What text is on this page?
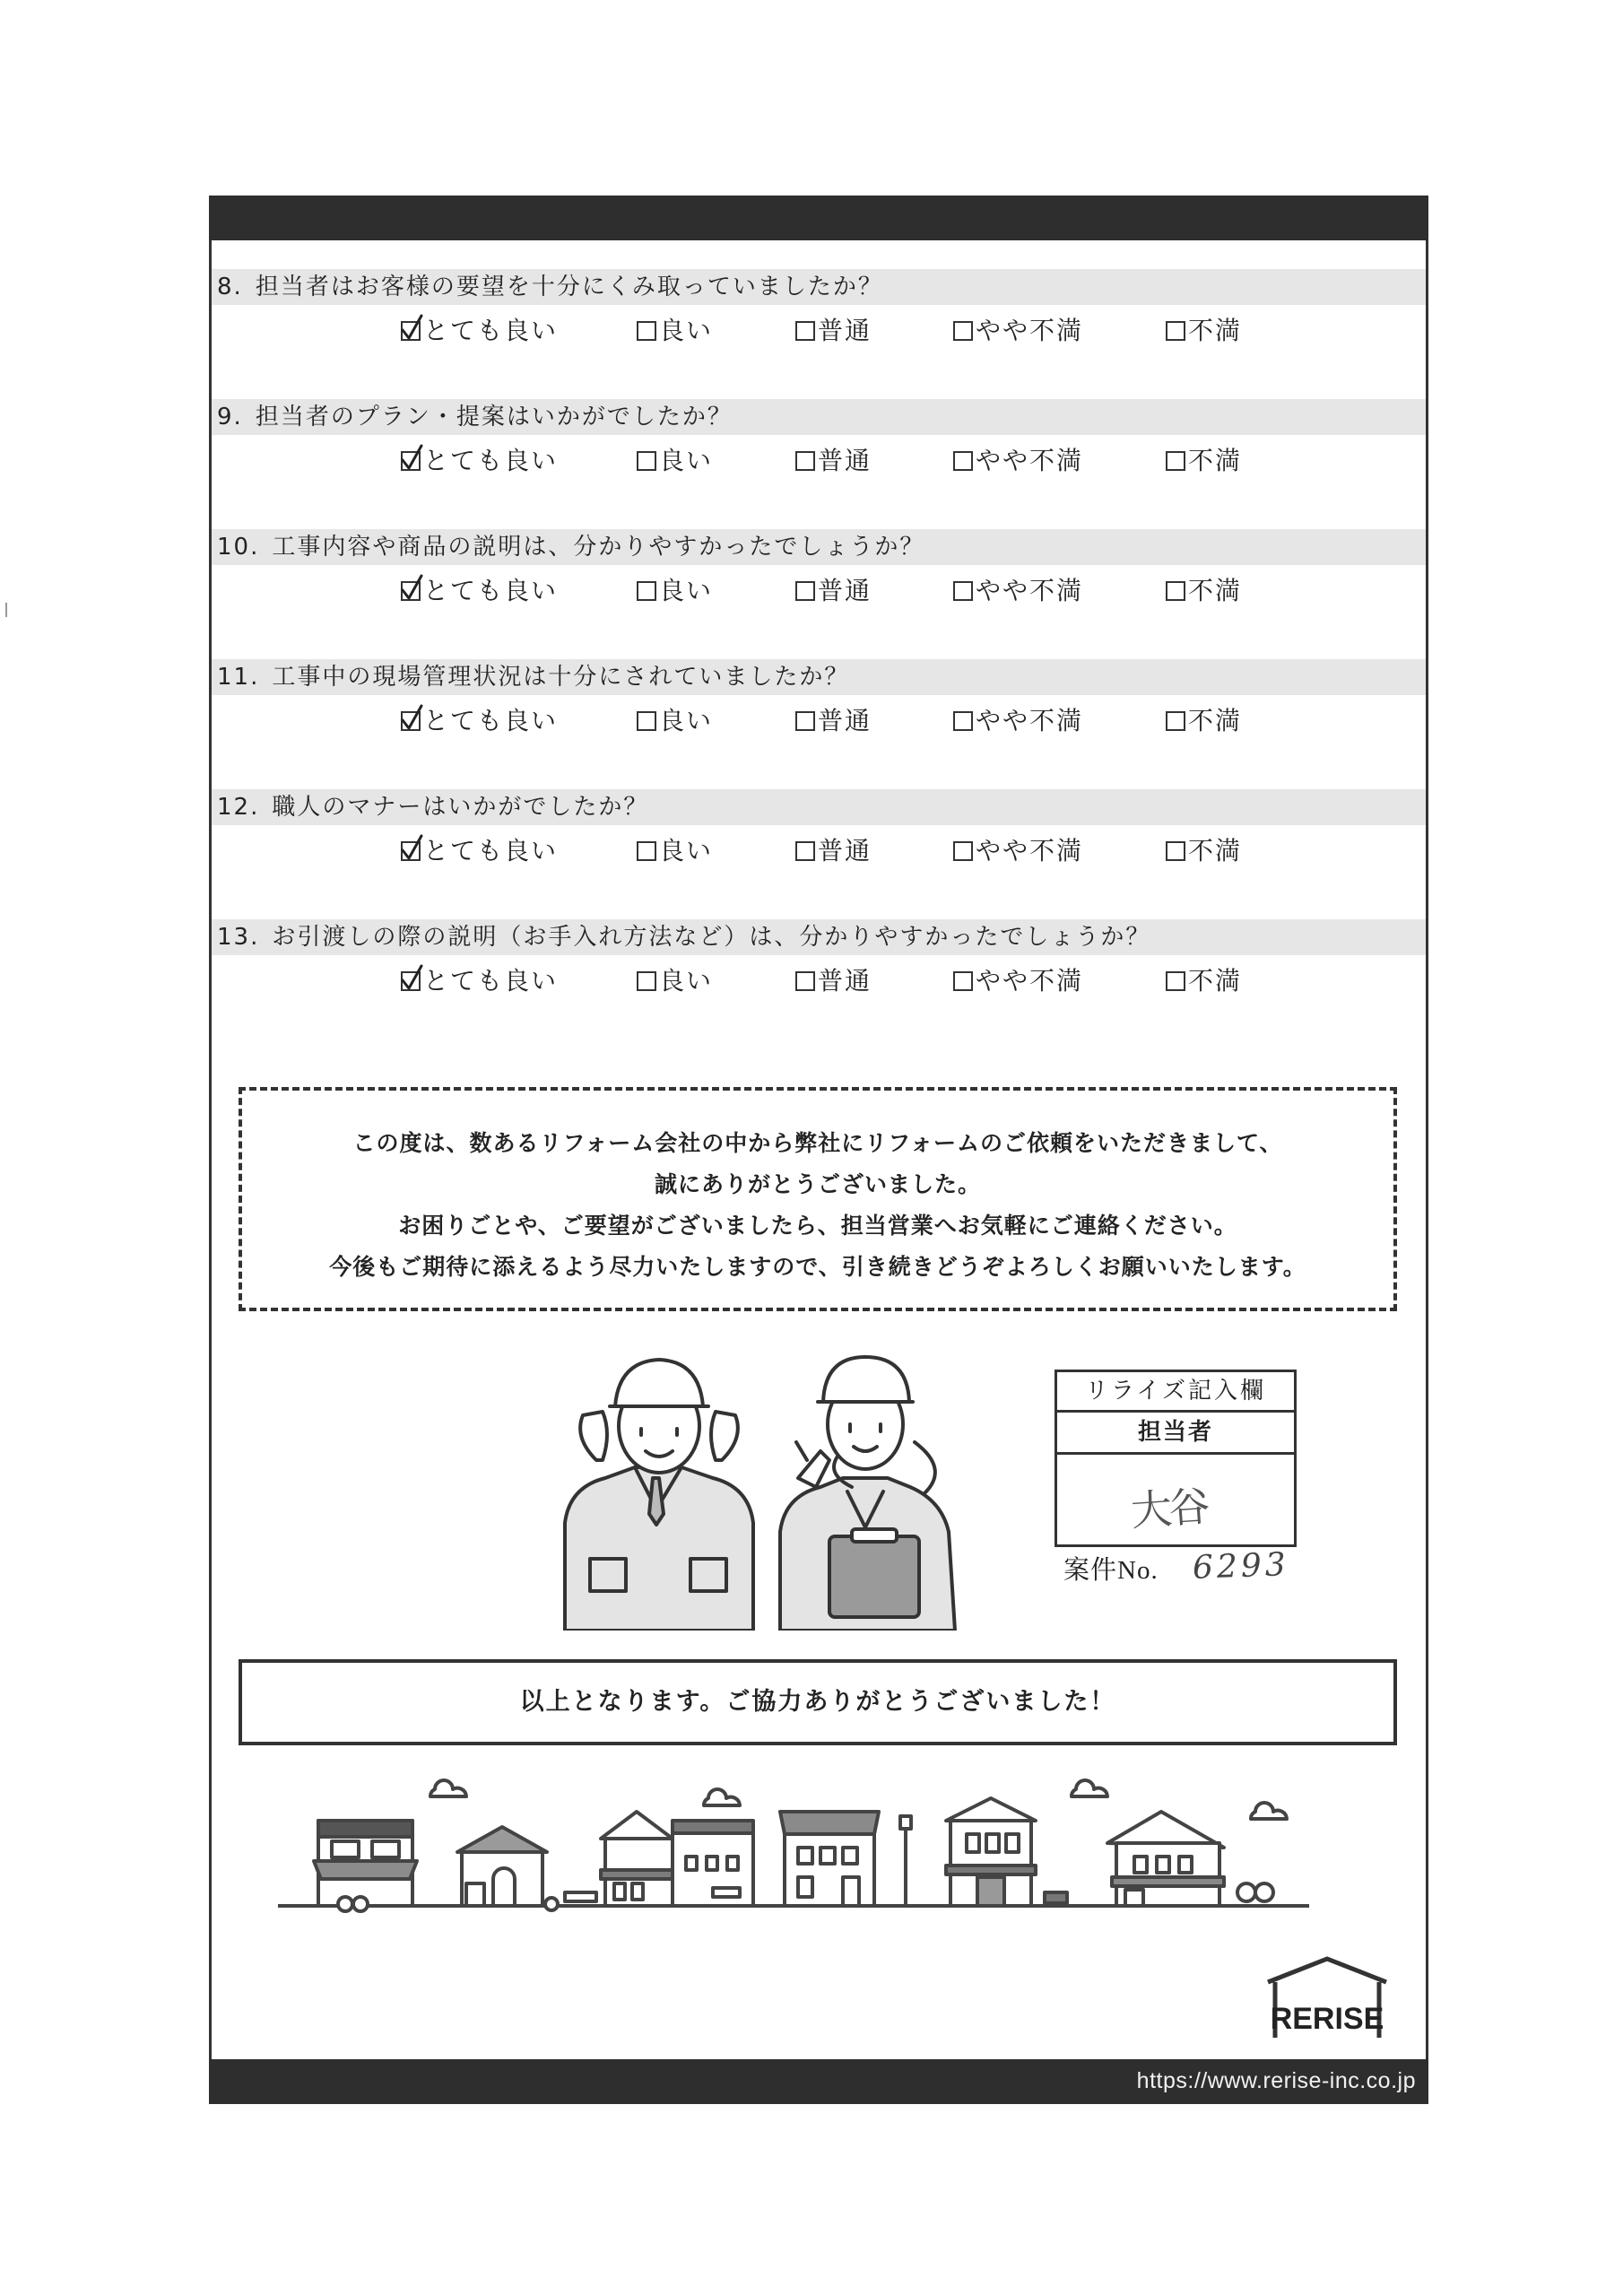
8. 担当者はお客様の要望を十分にくみ取っていましたか？
とても良い	良い	普通	やや不満	不満
9. 担当者のプラン・提案はいかがでしたか？
とても良い	良い	普通	やや不満	不満
10. 工事内容や商品の説明は、分かりやすかったでしょうか？
とても良い	良い	普通	やや不満	不満
11. 工事中の現場管理状況は十分にされていましたか？
とても良い	良い	普通	やや不満	不満
12. 職人のマナーはいかがでしたか？
とても良い	良い	普通	やや不満	不満
13. お引渡しの際の説明（お手入れ方法など）は、分かりやすかったでしょうか？
とても良い	良い	普通	やや不満	不満
この度は、数あるリフォーム会社の中から弊社にリフォームのご依頼をいただきまして、
誠にありがとうございました。
お困りごとや、ご要望がございましたら、担当営業へお気軽にご連絡ください。
今後もご期待に添えるよう尽力いたしますので、引き続きどうぞよろしくお願いいたします。
リライズ記入欄
担当者
大谷
案件No. 6293
以上となります。ご協力ありがとうございました！
RERISE
https://www.rerise-inc.co.jp
